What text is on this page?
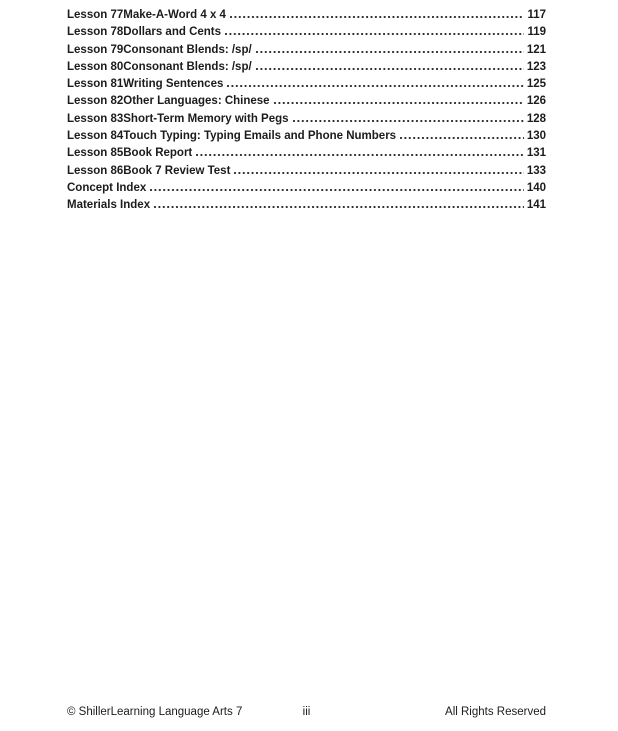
Lesson 77 Make-A-Word 4 x 4	117
Lesson 78 Dollars and Cents	119
Lesson 79 Consonant Blends: /sp/	121
Lesson 80 Consonant Blends: /sp/	123
Lesson 81 Writing Sentences	125
Lesson 82 Other Languages: Chinese	126
Lesson 83 Short-Term Memory with Pegs	128
Lesson 84 Touch Typing: Typing Emails and Phone Numbers	130
Lesson 85 Book Report	131
Lesson 86 Book 7 Review Test	133
Concept Index	140
Materials Index	141
© ShillerLearning Language Arts 7	iii	All Rights Reserved
